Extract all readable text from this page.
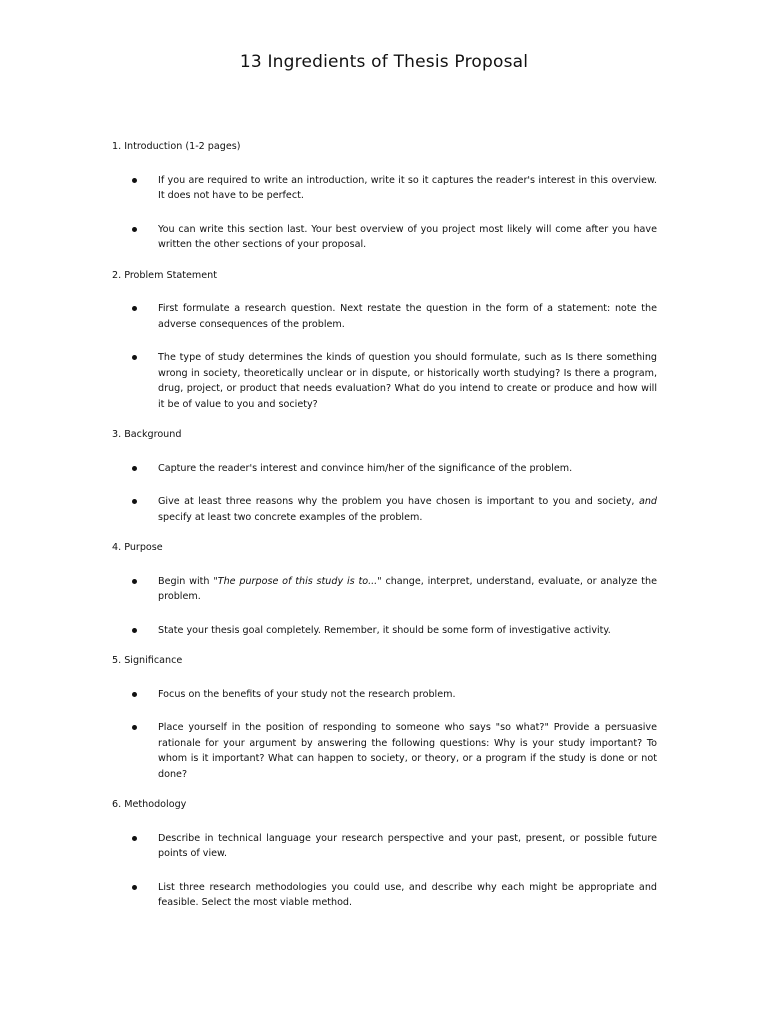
13 Ingredients of Thesis Proposal

1. Introduction (1-2 pages)

If you are required to write an introduction, write it so it captures the reader's interest in this overview. It does not have to be perfect.
You can write this section last. Your best overview of you project most likely will come after you have written the other sections of your proposal.

2. Problem Statement

First formulate a research question. Next restate the question in the form of a statement: note the adverse consequences of the problem.
The type of study determines the kinds of question you should formulate, such as Is there something wrong in society, theoretically unclear or in dispute, or historically worth studying? Is there a program, drug, project, or product that needs evaluation? What do you intend to create or produce and how will it be of value to you and society?

3. Background

Capture the reader's interest and convince him/her of the significance of the problem.
Give at least three reasons why the problem you have chosen is important to you and society, and specify at least two concrete examples of the problem.

4. Purpose

Begin with "The purpose of this study is to..." change, interpret, understand, evaluate, or analyze the problem.
State your thesis goal completely. Remember, it should be some form of investigative activity.

5. Significance

Focus on the benefits of your study not the research problem.
Place yourself in the position of responding to someone who says "so what?" Provide a persuasive rationale for your argument by answering the following questions: Why is your study important? To whom is it important? What can happen to society, or theory, or a program if the study is done or not done?

6. Methodology

Describe in technical language your research perspective and your past, present, or possible future points of view.
List three research methodologies you could use, and describe why each might be appropriate and feasible. Select the most viable method.
